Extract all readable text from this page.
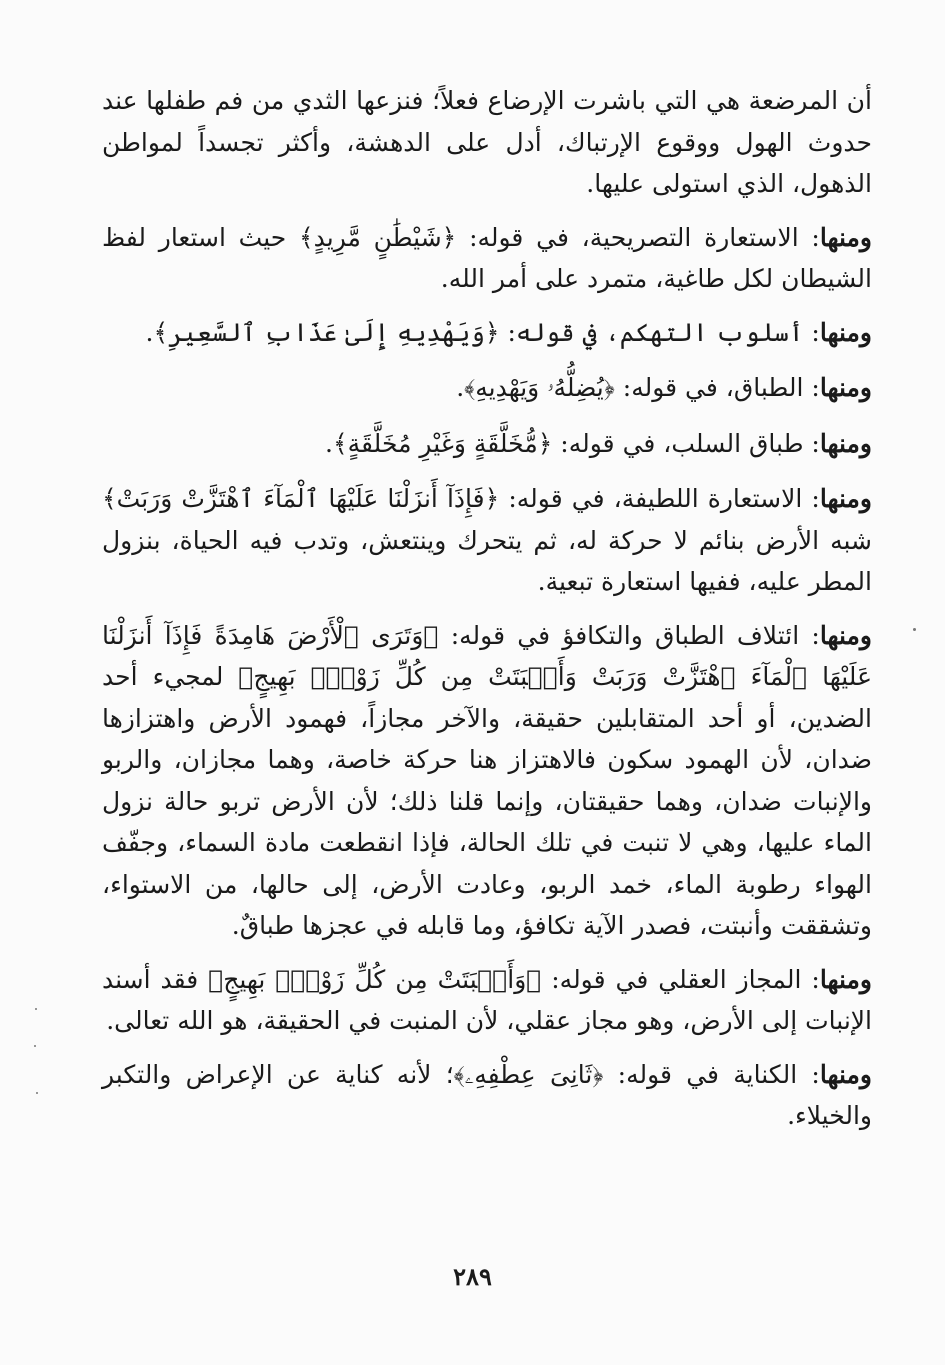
أن المرضعة هي التي باشرت الإرضاع فعلاً؛ فنزعها الثدي من فم طفلها عند حدوث الهول ووقوع الإرتباك، أدل على الدهشة، وأكثر تجسداً لمواطن الذهول، الذي استولى عليها.

ومنها: الاستعارة التصريحية، في قوله: ﴿شَيْطَٰنٍ مَّرِيدٍ﴾ حيث استعار لفظ الشيطان لكل طاغية، متمرد على أمر الله.

ومنها: أسلوب التهكم، في قوله: ﴿وَيَهْدِيهِ إِلَىٰ عَذَابِ ٱلسَّعِيرِ﴾.

ومنها: الطباق، في قوله: ﴿يُضِلُّهُۥ وَيَهْدِيهِ﴾.

ومنها: طباق السلب، في قوله: ﴿مُّخَلَّقَةٍ وَغَيْرِ مُخَلَّقَةٍ﴾.

ومنها: الاستعارة اللطيفة، في قوله: ﴿فَإِذَآ أَنزَلْنَا عَلَيْهَا ٱلْمَآءَ ٱهْتَزَّتْ وَرَبَتْ﴾ شبه الأرض بنائم لا حركة له، ثم يتحرك وينتعش، وتدب فيه الحياة، بنزول المطر عليه، ففيها استعارة تبعية.

ومنها: ائتلاف الطباق والتكافؤ في قوله: ﴿وَتَرَى ٱلْأَرْضَ هَامِدَةً فَإِذَآ أَنزَلْنَا عَلَيْهَا ٱلْمَآءَ ٱهْتَزَّتْ وَرَبَتْ وَأَنۢبَتَتْ مِن كُلِّ زَوْجٍۭ بَهِيجٍ﴾ لمجيء أحد الضدين، أو أحد المتقابلين حقيقة، والآخر مجازاً، فهمود الأرض واهتزازها ضدان، لأن الهمود سكون فالاهتزاز هنا حركة خاصة، وهما مجازان، والربو والإنبات ضدان، وهما حقيقتان، وإنما قلنا ذلك؛ لأن الأرض تربو حالة نزول الماء عليها، وهي لا تنبت في تلك الحالة، فإذا انقطعت مادة السماء، وجفّف الهواء رطوبة الماء، خمد الربو، وعادت الأرض، إلى حالها، من الاستواء، وتشققت وأنبتت، فصدر الآية تكافؤ، وما قابله في عجزها طباقٌ.

ومنها: المجاز العقلي في قوله: ﴿وَأَنۢبَتَتْ مِن كُلِّ زَوْجٍۭ بَهِيجٍ﴾ فقد أسند الإنبات إلى الأرض، وهو مجاز عقلي، لأن المنبت في الحقيقة، هو الله تعالى.

ومنها: الكناية في قوله: ﴿ثَانِىَ عِطْفِهِۦ﴾؛ لأنه كناية عن الإعراض والتكبر والخيلاء.

٢٨٩
